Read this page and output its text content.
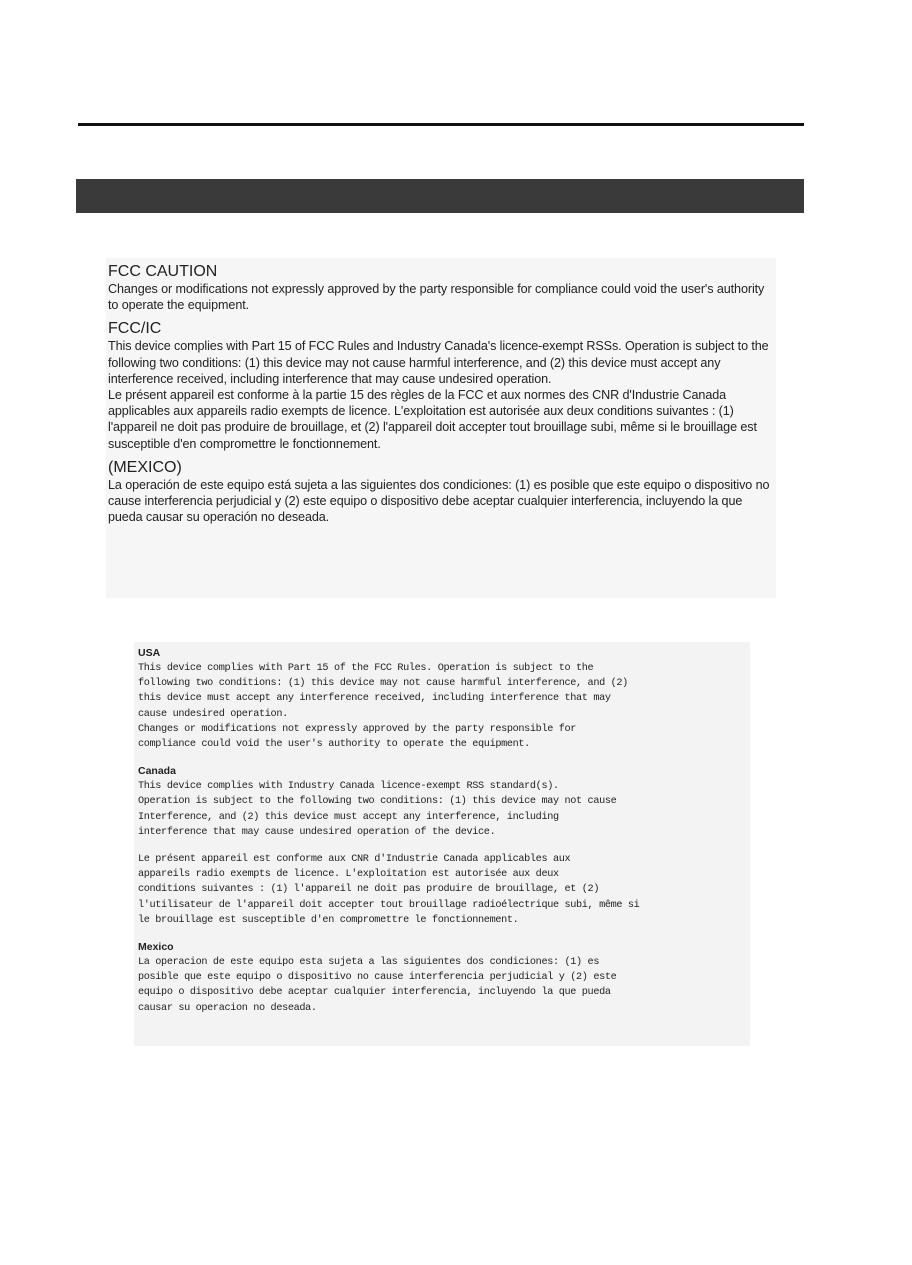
FCC CAUTION

Changes or modifications not expressly approved by the party responsible for compliance could void the user's authority to operate the equipment.

FCC/IC

This device complies with Part 15 of FCC Rules and Industry Canada's licence-exempt RSSs. Operation is subject to the following two conditions: (1) this device may not cause harmful interference, and (2) this device must accept any interference received, including interference that may cause undesired operation.

Le présent appareil est conforme à la partie 15 des règles de la FCC et aux normes des CNR d'Industrie Canada applicables aux appareils radio exempts de licence. L'exploitation est autorisée aux deux conditions suivantes : (1) l'appareil ne doit pas produire de brouillage, et (2) l'appareil doit accepter tout brouillage subi, même si le brouillage est susceptible d'en compromettre le fonctionnement.

(MEXICO)

La operación de este equipo está sujeta a las siguientes dos condiciones: (1) es posible que este equipo o dispositivo no cause interferencia perjudicial y (2) este equipo o dispositivo debe aceptar cualquier interferencia, incluyendo la que pueda causar su operación no deseada.

USA

This device complies with Part 15 of the FCC Rules. Operation is subject to the
following two conditions: (1) this device may not cause harmful interference, and (2)
this device must accept any interference received, including interference that may
cause undesired operation.
Changes or modifications not expressly approved by the party responsible for
compliance could void the user's authority to operate the equipment.

Canada

This device complies with Industry Canada licence-exempt RSS standard(s).
Operation is subject to the following two conditions: (1) this device may not cause
Interference, and (2) this device must accept any interference, including
interference that may cause undesired operation of the device.

Le présent appareil est conforme aux CNR d'Industrie Canada applicables aux
appareils radio exempts de licence. L'exploitation est autorisée aux deux
conditions suivantes : (1) l'appareil ne doit pas produire de brouillage, et (2)
l'utilisateur de l'appareil doit accepter tout brouillage radioélectrique subi, même si
le brouillage est susceptible d'en compromettre le fonctionnement.

Mexico

La operacion de este equipo esta sujeta a las siguientes dos condiciones: (1) es
posible que este equipo o dispositivo no cause interferencia perjudicial y (2) este
equipo o dispositivo debe aceptar cualquier interferencia, incluyendo la que pueda
causar su operacion no deseada.
